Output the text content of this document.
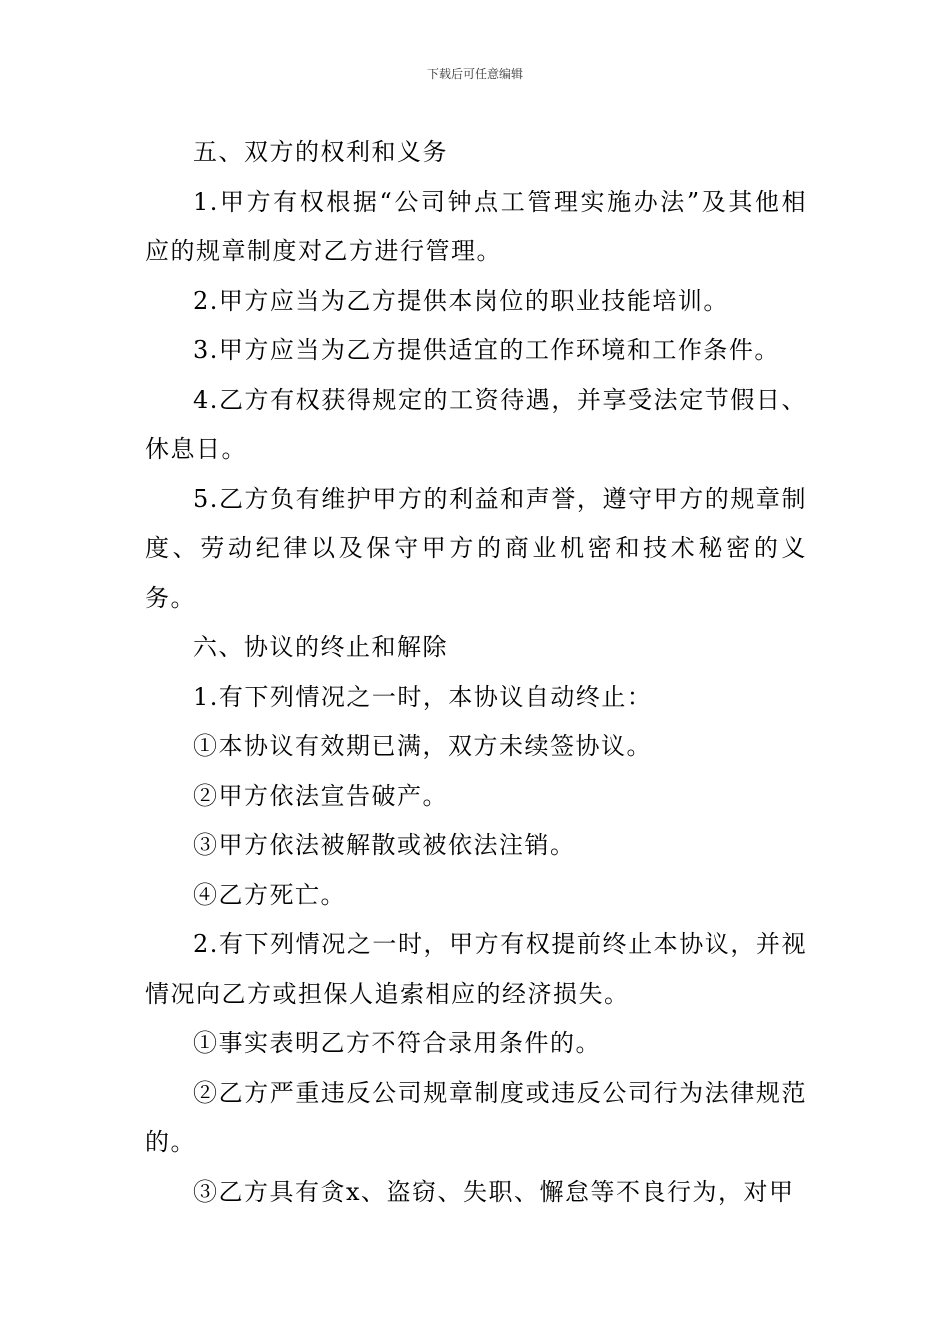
下载后可任意编辑

五、双方的权利和义务

1.甲方有权根据“公司钟点工管理实施办法”及其他相应的规章制度对乙方进行管理。

2.甲方应当为乙方提供本岗位的职业技能培训。

3.甲方应当为乙方提供适宜的工作环境和工作条件。

4.乙方有权获得规定的工资待遇，并享受法定节假日、休息日。

5.乙方负有维护甲方的利益和声誉，遵守甲方的规章制度、劳动纪律以及保守甲方的商业机密和技术秘密的义务。

六、协议的终止和解除

1.有下列情况之一时，本协议自动终止：

①本协议有效期已满，双方未续签协议。

②甲方依法宣告破产。

③甲方依法被解散或被依法注销。

④乙方死亡。

2.有下列情况之一时，甲方有权提前终止本协议，并视情况向乙方或担保人追索相应的经济损失。

①事实表明乙方不符合录用条件的。

②乙方严重违反公司规章制度或违反公司行为法律规范的。

③乙方具有贪x、盗窃、失职、懈怠等不良行为，对甲
